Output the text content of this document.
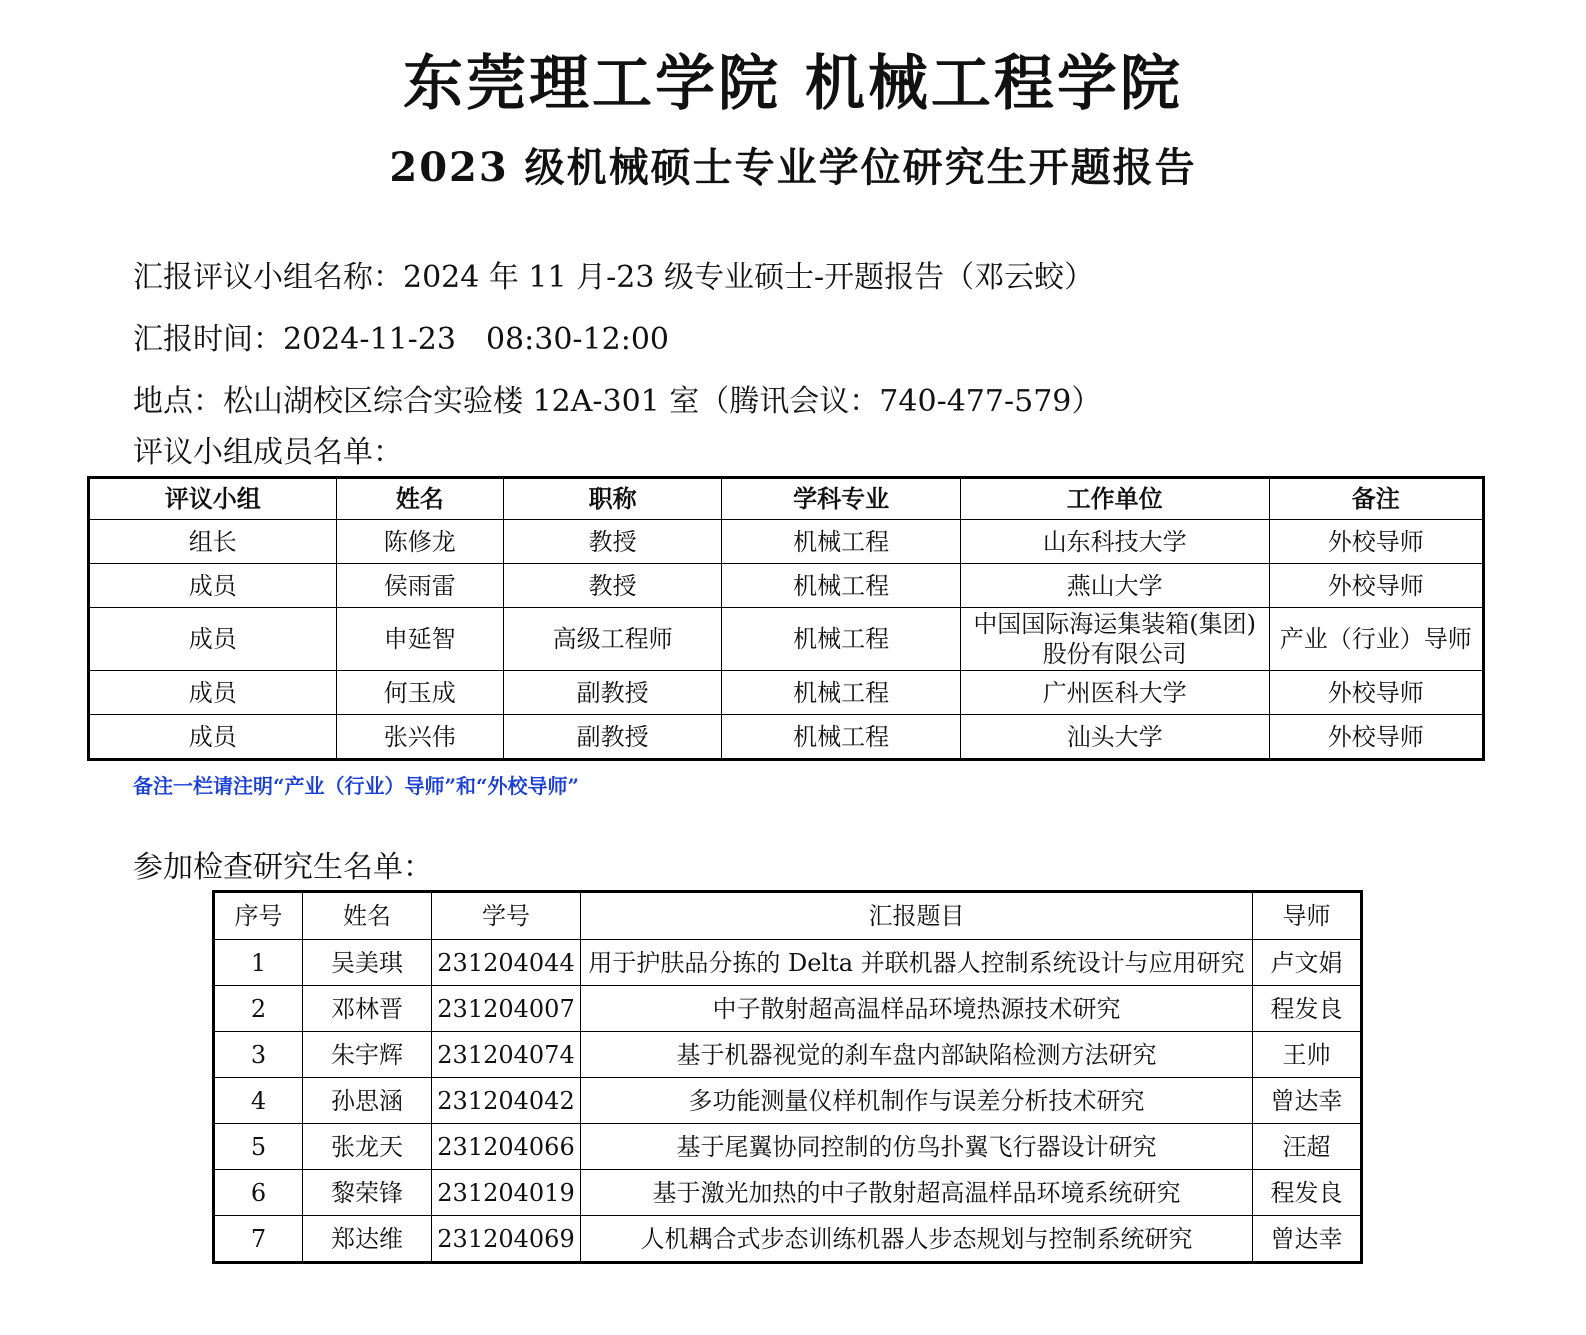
东莞理工学院 机械工程学院
2023 级机械硕士专业学位研究生开题报告
汇报评议小组名称：2024 年 11 月-23 级专业硕士-开题报告（邓云蛟）
汇报时间：2024-11-23 08:30-12:00
地点：松山湖校区综合实验楼 12A-301 室（腾讯会议：740-477-579）
评议小组成员名单：
评议小组	姓名	职称	学科专业	工作单位	备注
组长	陈修龙	教授	机械工程	山东科技大学	外校导师
成员	侯雨雷	教授	机械工程	燕山大学	外校导师
成员	申延智	高级工程师	机械工程	中国国际海运集装箱(集团)股份有限公司	产业（行业）导师
成员	何玉成	副教授	机械工程	广州医科大学	外校导师
成员	张兴伟	副教授	机械工程	汕头大学	外校导师
备注一栏请注明“产业（行业）导师”和“外校导师”
参加检查研究生名单：
序号	姓名	学号	汇报题目	导师
1	吴美琪	231204044	用于护肤品分拣的 Delta 并联机器人控制系统设计与应用研究	卢文娟
2	邓林晋	231204007	中子散射超高温样品环境热源技术研究	程发良
3	朱宇辉	231204074	基于机器视觉的刹车盘内部缺陷检测方法研究	王帅
4	孙思涵	231204042	多功能测量仪样机制作与误差分析技术研究	曾达幸
5	张龙天	231204066	基于尾翼协同控制的仿鸟扑翼飞行器设计研究	汪超
6	黎荣锋	231204019	基于激光加热的中子散射超高温样品环境系统研究	程发良
7	郑达维	231204069	人机耦合式步态训练机器人步态规划与控制系统研究	曾达幸
